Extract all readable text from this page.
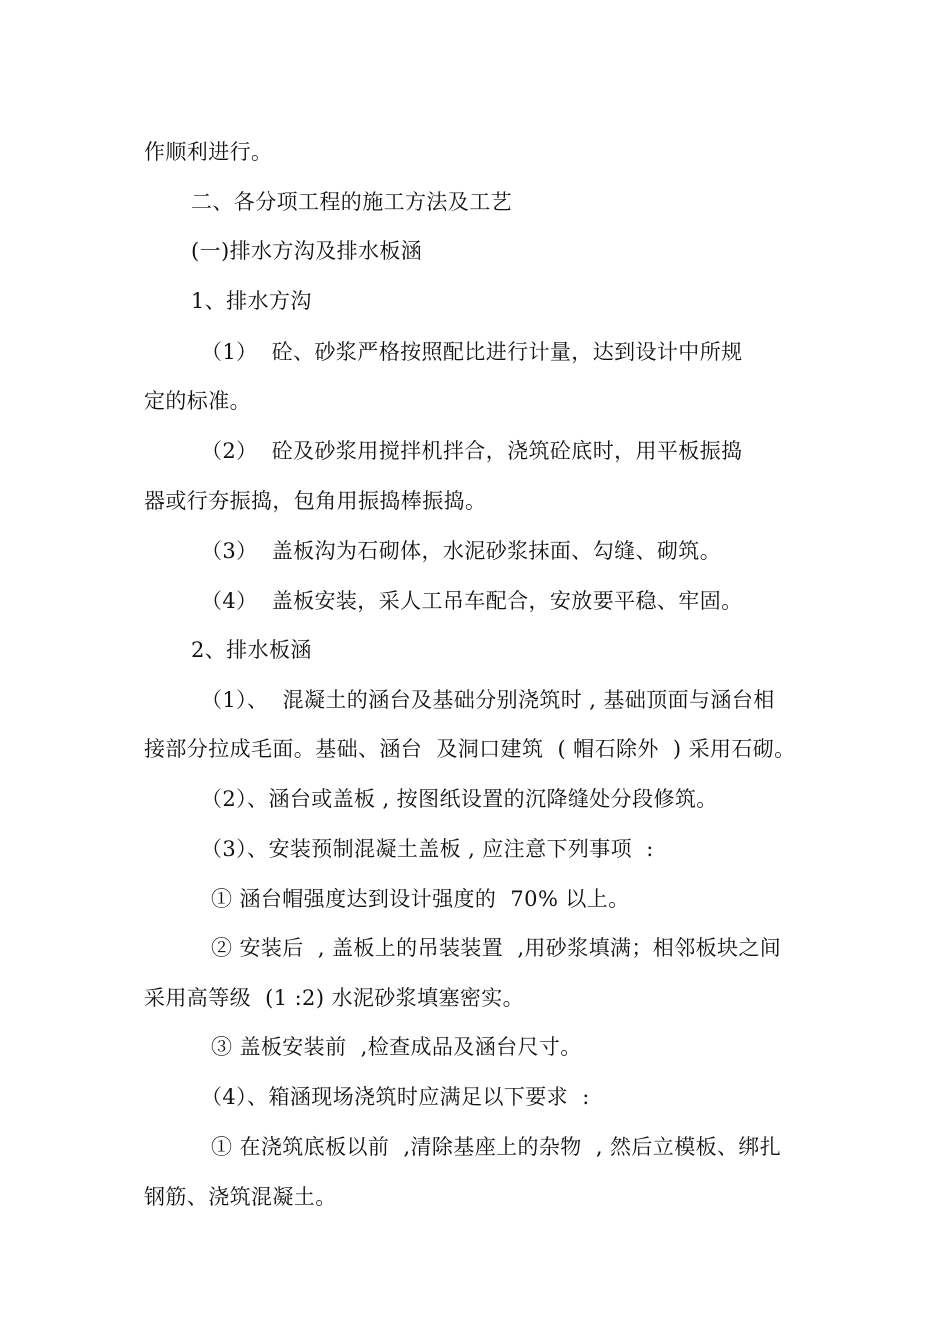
作顺利进行。
二、各分项工程的施工方法及工艺
(一)排水方沟及排水板涵
1、排水方沟
（1）  砼、砂浆严格按照配比进行计量，达到设计中所规
定的标准。
（2）  砼及砂浆用搅拌机拌合，浇筑砼底时，用平板振捣
器或行夯振捣，包角用振捣棒振捣。
（3）  盖板沟为石砌体，水泥砂浆抹面、勾缝、砌筑。
（4）  盖板安装，采人工吊车配合，安放要平稳、牢固。
2、排水板涵
（1）、  混凝土的涵台及基础分别浇筑时 , 基础顶面与涵台相
接部分拉成毛面。基础、涵台  及洞口建筑  ( 帽石除外  ) 采用石砌。
（2）、涵台或盖板 , 按图纸设置的沉降缝处分段修筑。
（3）、安装预制混凝土盖板 , 应注意下列事项  :
① 涵台帽强度达到设计强度的  70% 以上。
② 安装后  , 盖板上的吊装装置  ,用砂浆填满；相邻板块之间
采用高等级  (1 :2) 水泥砂浆填塞密实。
③ 盖板安装前  ,检查成品及涵台尺寸。
（4）、箱涵现场浇筑时应满足以下要求  :
① 在浇筑底板以前  ,清除基座上的杂物  , 然后立模板、绑扎
钢筋、浇筑混凝土。
